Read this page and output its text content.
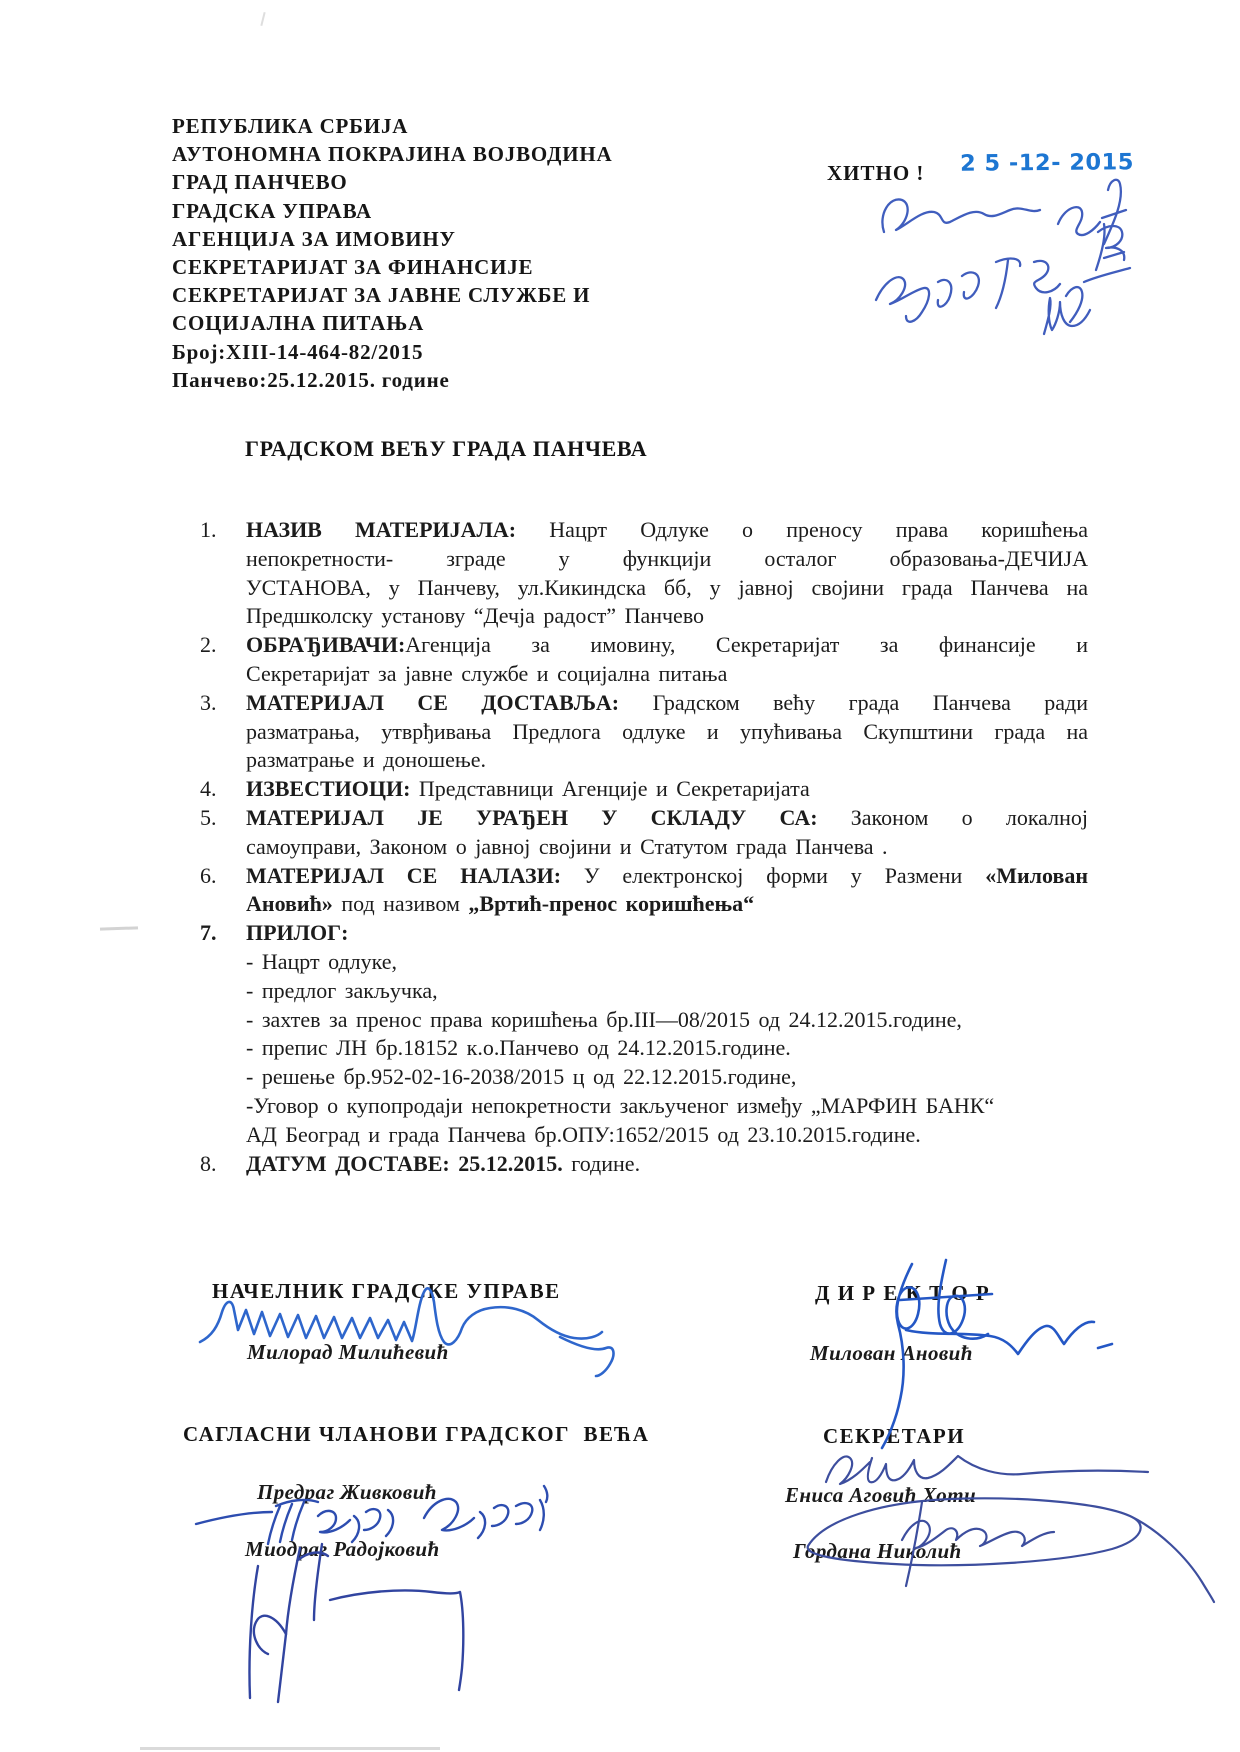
РЕПУБЛИКА СРБИЈА
АУТОНОМНА ПОКРАЈИНА ВОЈВОДИНА
ГРАД ПАНЧЕВО
ГРАДСКА УПРАВА
АГЕНЦИЈА ЗА ИМОВИНУ
СЕКРЕТАРИЈАТ ЗА ФИНАНСИЈЕ
СЕКРЕТАРИЈАТ ЗА ЈАВНЕ СЛУЖБЕ И
СОЦИЈАЛНА ПИТАЊА
Број:XIII-14-464-82/2015
Панчево:25.12.2015. године
ХИТНО ! 2 5 -12- 2015
ГРАДСКОМ ВЕЋУ ГРАДА ПАНЧЕВА
1. НАЗИВ МАТЕРИЈАЛА: Нацрт Одлуке о преносу права коришћења
непокретности- зграде у функцији осталог образовања-ДЕЧИЈА
УСТАНОВА, у Панчеву, ул.Кикиндска бб, у јавној својини града Панчева на
Предшколску установу “Дечја радост” Панчево
2. ОБРАЂИВАЧИ:Агенција за имовину, Секретаријат за финансије и
Секретаријат за јавне службе и социјална питања
3. МАТЕРИЈАЛ СЕ ДОСТАВЉА: Градском већу града Панчева ради
разматрања, утврђивања Предлога одлуке и упућивања Скупштини града на
разматрање и доношење.
4. ИЗВЕСТИОЦИ: Представници Агенције и Секретаријата
5. МАТЕРИЈАЛ ЈЕ УРАЂЕН У СКЛАДУ СА: Законом о локалној
самоуправи, Законом о јавној својини и Статутом града Панчева .
6. МАТЕРИЈАЛ СЕ НАЛАЗИ: У електронској форми у Размени «Милован
Ановић» под називом „Вртић-пренос коришћења“
7. ПРИЛОГ:
- Нацрт одлуке,
- предлог закључка,
- захтев за пренос права коришћења бр.III—08/2015 од 24.12.2015.године,
- препис ЛН бр.18152 к.о.Панчево од 24.12.2015.године.
- решење бр.952-02-16-2038/2015 ц од 22.12.2015.године,
-Уговор о купопродаји непокретности закљученог између „МАРФИН БАНК“
АД Београд и града Панчева бр.ОПУ:1652/2015 од 23.10.2015.године.
8. ДАТУМ ДОСТАВЕ: 25.12.2015. године.
НАЧЕЛНИК ГРАДСКЕ УПРАВЕ
Милорад Милићевић
Д И Р Е К Т О Р
Милован Ановић
САГЛАСНИ ЧЛАНОВИ ГРАДСКОГ  ВЕЋА
Предраг Живковић
Миодраг Радојковић
СЕКРЕТАРИ
Ениса Аговић Хоти
Гордана Николић
